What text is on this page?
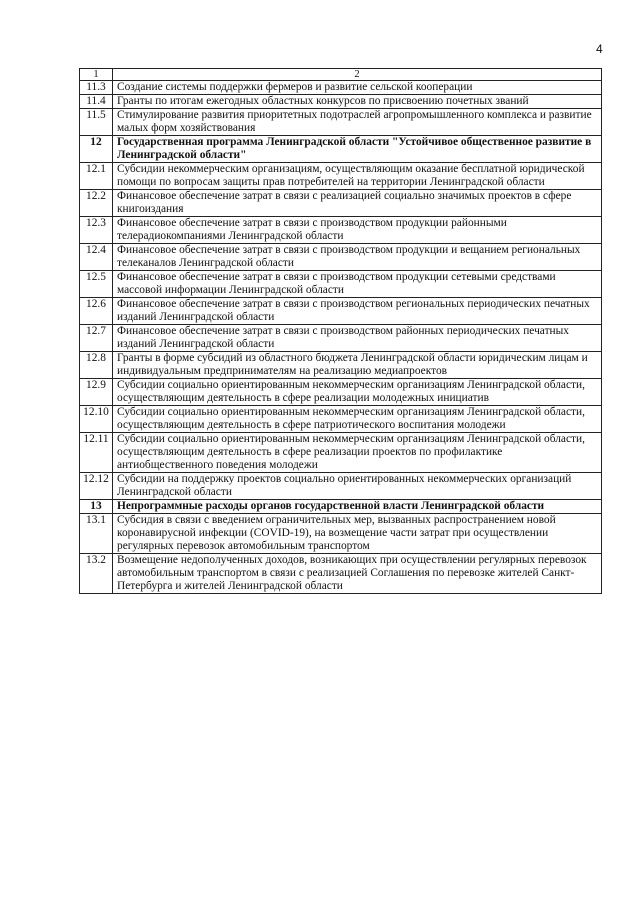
4
1	2
11.3	Создание системы поддержки фермеров и развитие сельской кооперации
11.4	Гранты по итогам ежегодных областных конкурсов по присвоению почетных званий
11.5	Стимулирование развития приоритетных подотраслей агропромышленного комплекса и развитие малых форм хозяйствования
12	Государственная программа Ленинградской области "Устойчивое общественное развитие в Ленинградской области"
12.1	Субсидии некоммерческим организациям, осуществляющим оказание бесплатной юридической помощи по вопросам защиты прав потребителей на территории Ленинградской области
12.2	Финансовое обеспечение затрат в связи с реализацией социально значимых проектов в сфере книгоиздания
12.3	Финансовое обеспечение затрат в связи с производством продукции районными телерадиокомпаниями Ленинградской области
12.4	Финансовое обеспечение затрат в связи с производством продукции и вещанием региональных телеканалов Ленинградской области
12.5	Финансовое обеспечение затрат в связи с производством продукции сетевыми средствами массовой информации Ленинградской области
12.6	Финансовое обеспечение затрат в связи с производством региональных периодических печатных изданий Ленинградской области
12.7	Финансовое обеспечение затрат в связи с производством районных периодических печатных изданий Ленинградской области
12.8	Гранты в форме субсидий из областного бюджета Ленинградской области юридическим лицам и индивидуальным предпринимателям на реализацию медиапроектов
12.9	Субсидии социально ориентированным некоммерческим организациям Ленинградской области, осуществляющим деятельность в сфере реализации молодежных инициатив
12.10	Субсидии социально ориентированным некоммерческим организациям Ленинградской области, осуществляющим деятельность в сфере патриотического воспитания молодежи
12.11	Субсидии социально ориентированным некоммерческим организациям Ленинградской области, осуществляющим деятельность в сфере реализации проектов по профилактике антиобщественного поведения молодежи
12.12	Субсидии на поддержку проектов социально ориентированных некоммерческих организаций Ленинградской области
13	Непрограммные расходы органов государственной власти Ленинградской области
13.1	Субсидия в связи с введением ограничительных мер, вызванных распространением новой коронавирусной инфекции (COVID-19), на возмещение части затрат при осуществлении регулярных перевозок автомобильным транспортом
13.2	Возмещение недополученных доходов, возникающих при осуществлении регулярных перевозок автомобильным транспортом в связи с реализацией Соглашения по перевозке жителей Санкт-Петербурга и жителей Ленинградской области
